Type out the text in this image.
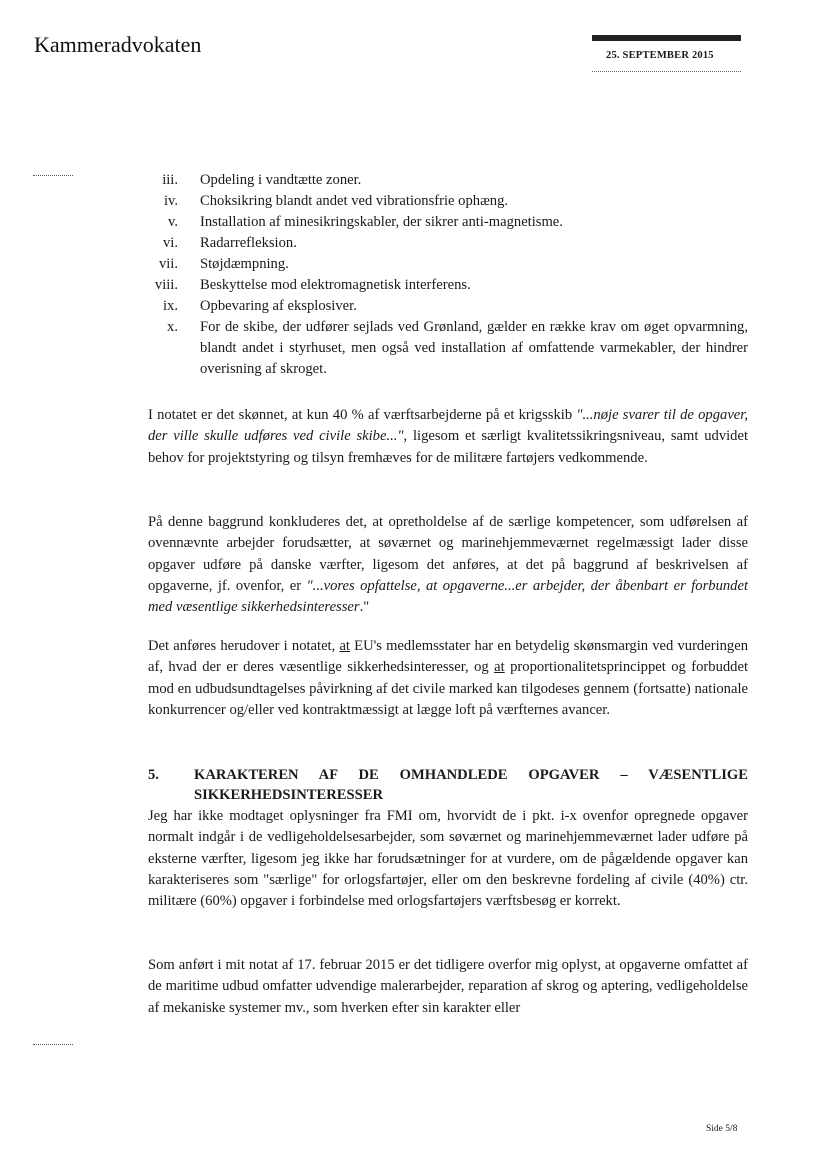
Kammeradvokaten	25. SEPTEMBER 2015
iii. Opdeling i vandtætte zoner.
iv. Choksikring blandt andet ved vibrationsfrie ophæng.
v. Installation af minesikringskabler, der sikrer anti-magnetisme.
vi. Radarrefleksion.
vii. Støjdæmpning.
viii. Beskyttelse mod elektromagnetisk interferens.
ix. Opbevaring af eksplosiver.
x. For de skibe, der udfører sejlads ved Grønland, gælder en række krav om øget opvarmning, blandt andet i styrhuset, men også ved installation af omfattende varmekabler, der hindrer overisning af skroget.

I notatet er det skønnet, at kun 40 % af værftsarbejderne på et krigsskib "...nøje svarer til de opgaver, der ville skulle udføres ved civile skibe...", ligesom et særligt kvalitetssikringsniveau, samt udvidet behov for projektstyring og tilsyn fremhæves for de militære fartøjers vedkommende.

På denne baggrund konkluderes det, at opretholdelse af de særlige kompetencer, som udførelsen af ovennævnte arbejder forudsætter, at søværnet og marinehjemmeværnet regelmæssigt lader disse opgaver udføre på danske værfter, ligesom det anføres, at det på baggrund af beskrivelsen af opgaverne, jf. ovenfor, er "...vores opfattelse, at opgaverne...er arbejder, der åbenbart er forbundet med væsentlige sikkerhedsinteresser."

Det anføres herudover i notatet, at EU's medlemsstater har en betydelig skønsmargin ved vurderingen af, hvad der er deres væsentlige sikkerhedsinteresser, og at proportionalitetsprincippet og forbuddet mod en udbudsundtagelses påvirkning af det civile marked kan tilgodeses gennem (fortsatte) nationale konkurrencer og/eller ved kontraktmæssigt at lægge loft på værfternes avancer.

5.	KARAKTEREN AF DE OMHANDLEDE OPGAVER – VÆSENTLIGE SIKKERHEDSINTERESSER

Jeg har ikke modtaget oplysninger fra FMI om, hvorvidt de i pkt. i-x ovenfor opregnede opgaver normalt indgår i de vedligeholdelsesarbejder, som søværnet og marinehjemmeværnet lader udføre på eksterne værfter, ligesom jeg ikke har forudsætninger for at vurdere, om de pågældende opgaver kan karakteriseres som "særlige" for orlogsfartøjer, eller om den beskrevne fordeling af civile (40%) ctr. militære (60%) opgaver i forbindelse med orlogsfartøjers værftsbesøg er korrekt.

Som anført i mit notat af 17. februar 2015 er det tidligere overfor mig oplyst, at opgaverne omfattet af de maritime udbud omfatter udvendige malerarbejder, reparation af skrog og aptering, vedligeholdelse af mekaniske systemer mv., som hverken efter sin karakter eller

Side 5/8
